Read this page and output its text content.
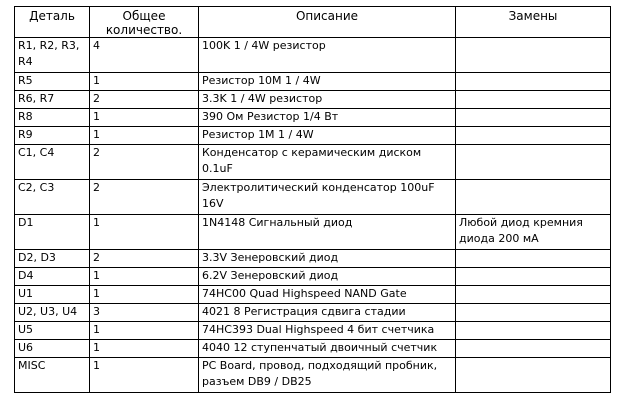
Деталь	Общее количество.	Описание	Замены
R1, R2, R3, R4	4	100K 1 / 4W резистор	
R5	1	Резистор 10M 1 / 4W	
R6, R7	2	3.3K 1 / 4W резистор	
R8	1	390 Ом Резистор 1/4 Вт	
R9	1	Резистор 1M 1 / 4W	
C1, C4	2	Конденсатор с керамическим диском 0.1uF	
C2, C3	2	Электролитический конденсатор 100uF 16V	
D1	1	1N4148 Сигнальный диод	Любой диод кремния диода 200 мА
D2, D3	2	3.3V Зенеровский диод	
D4	1	6.2V Зенеровский диод	
U1	1	74HC00 Quad Highspeed NAND Gate	
U2, U3, U4	3	4021 8 Регистрация сдвига стадии	
U5	1	74HC393 Dual Highspeed 4 бит счетчика	
U6	1	4040 12 ступенчатый двоичный счетчик	
MISC	1	PC Board, провод, подходящий пробник, разъем DB9 / DB25	
